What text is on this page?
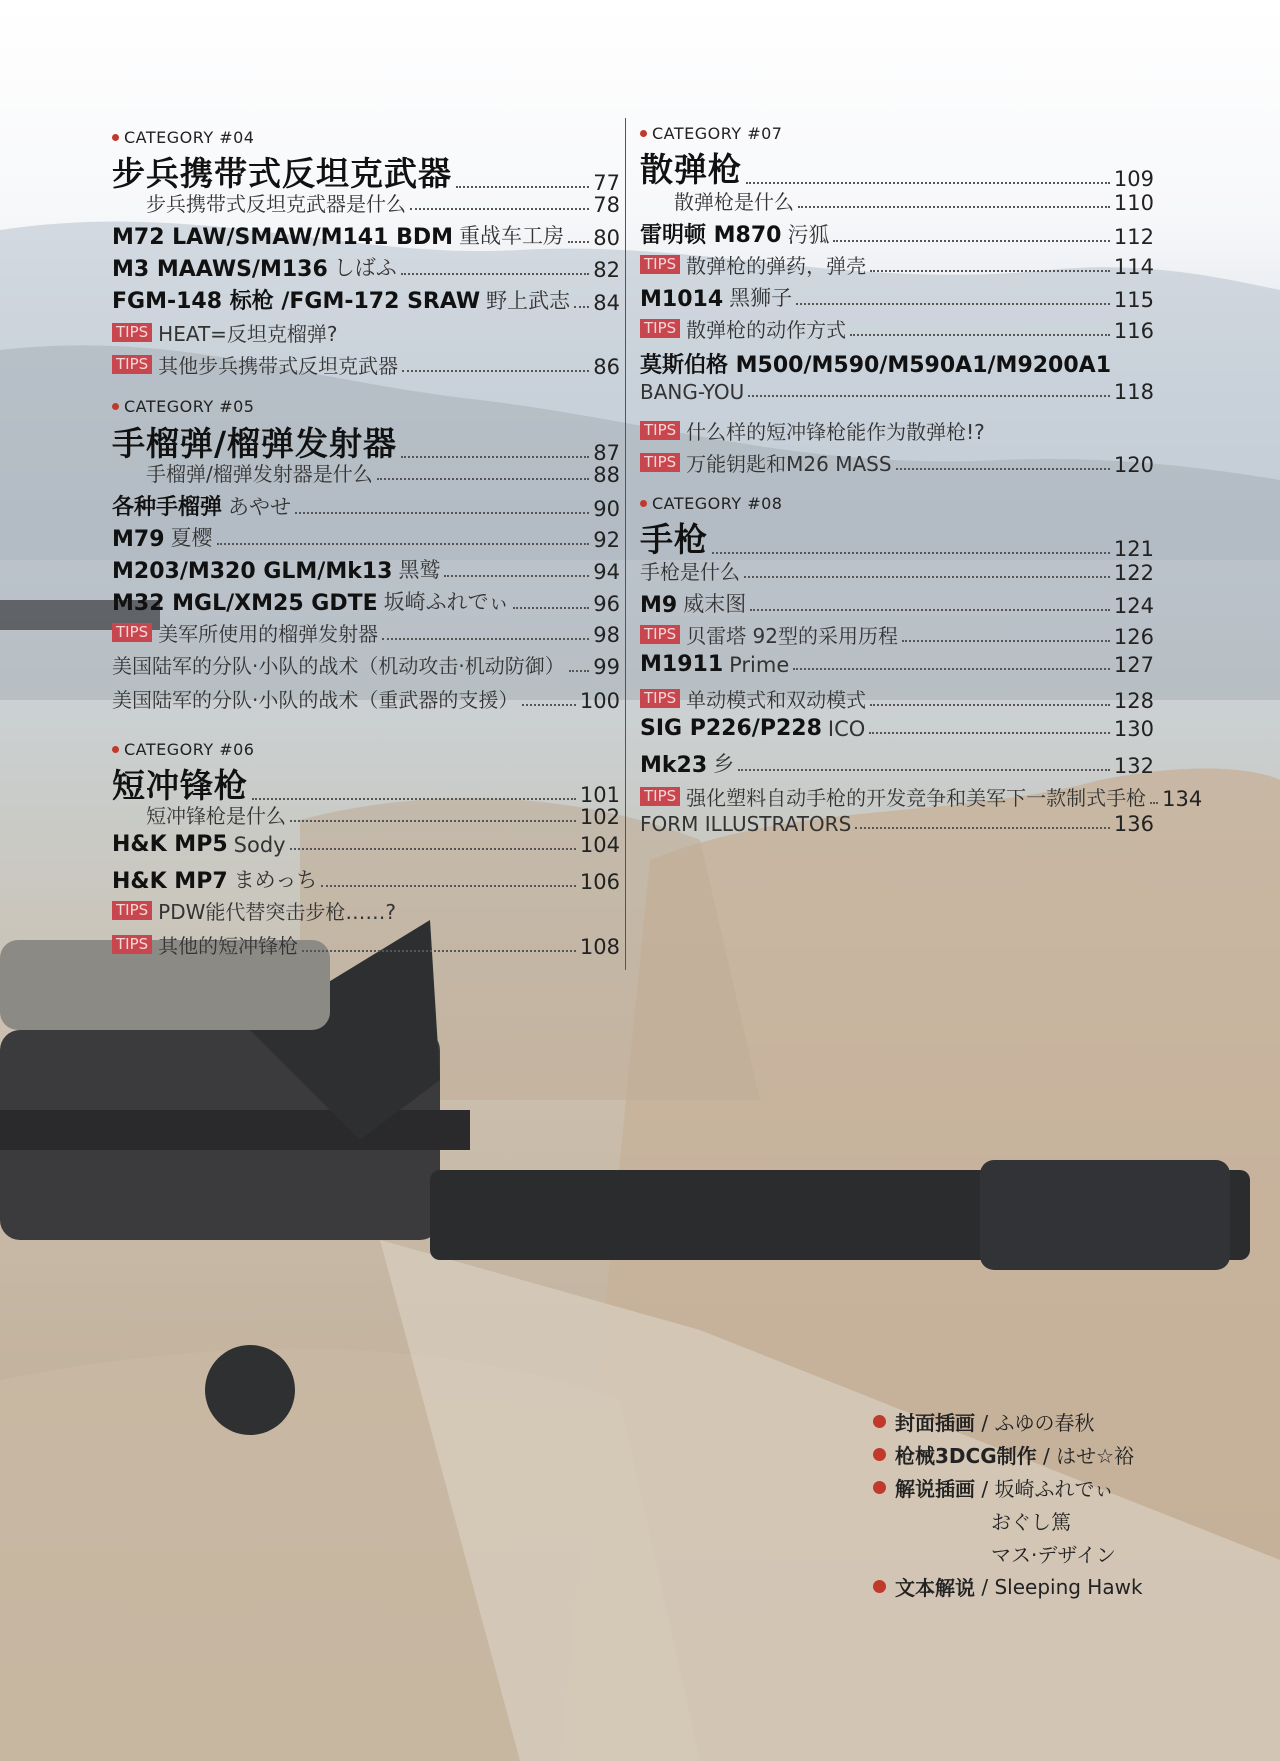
CATEGORY #04
步兵携带式反坦克武器	77
步兵携带式反坦克武器是什么	78
M72 LAW/SMAW/M141 BDM 重战车工房 80
M3 MAAWS/M136 しばふ	82
FGM-148 标枪 /FGM-172 SRAW 野上武志 84
TIPS HEAT=反坦克榴弹?
TIPS 其他步兵携带式反坦克武器	86
CATEGORY #05
手榴弹/榴弹发射器	87
手榴弹/榴弹发射器是什么	88
各种手榴弹 あやせ	90
M79 夏樱	92
M203/M320 GLM/Mk13 黑鹫	94
M32 MGL/XM25 GDTE 坂崎ふれでぃ	96
TIPS 美军所使用的榴弹发射器	98
美国陆军的分队·小队的战术（机动攻击·机动防御） 99
美国陆军的分队·小队的战术（重武器的支援）	100
CATEGORY #06
短冲锋枪	101
短冲锋枪是什么	102
H&K MP5 Sody	104
H&K MP7 まめっち	106
TIPS PDW能代替突击步枪……?
TIPS 其他的短冲锋枪	108
CATEGORY #07
散弹枪	109
散弹枪是什么	110
雷明顿 M870 污狐	112
TIPS 散弹枪的弹药，弹壳	114
M1014 黑狮子	115
TIPS 散弹枪的动作方式	116
莫斯伯格 M500/M590/M590A1/M9200A1
BANG-YOU	118
TIPS 什么样的短冲锋枪能作为散弹枪!?
TIPS 万能钥匙和M26 MASS	120
CATEGORY #08
手枪	121
手枪是什么	122
M9 威末图	124
TIPS 贝雷塔 92型的采用历程	126
M1911 Prime	127
TIPS 单动模式和双动模式	128
SIG P226/P228 ICO	130
Mk23 乡	132
TIPS 强化塑料自动手枪的开发竞争和美军下一款制式手枪 134
FORM ILLUSTRATORS	136
封面插画
/ ふゆの春秋
枪械3DCG制作
/ はせ☆裕
解说插画
/ 坂崎ふれでぃ
おぐし篤
マス·デザイン
文本解说
/ Sleeping Hawk
